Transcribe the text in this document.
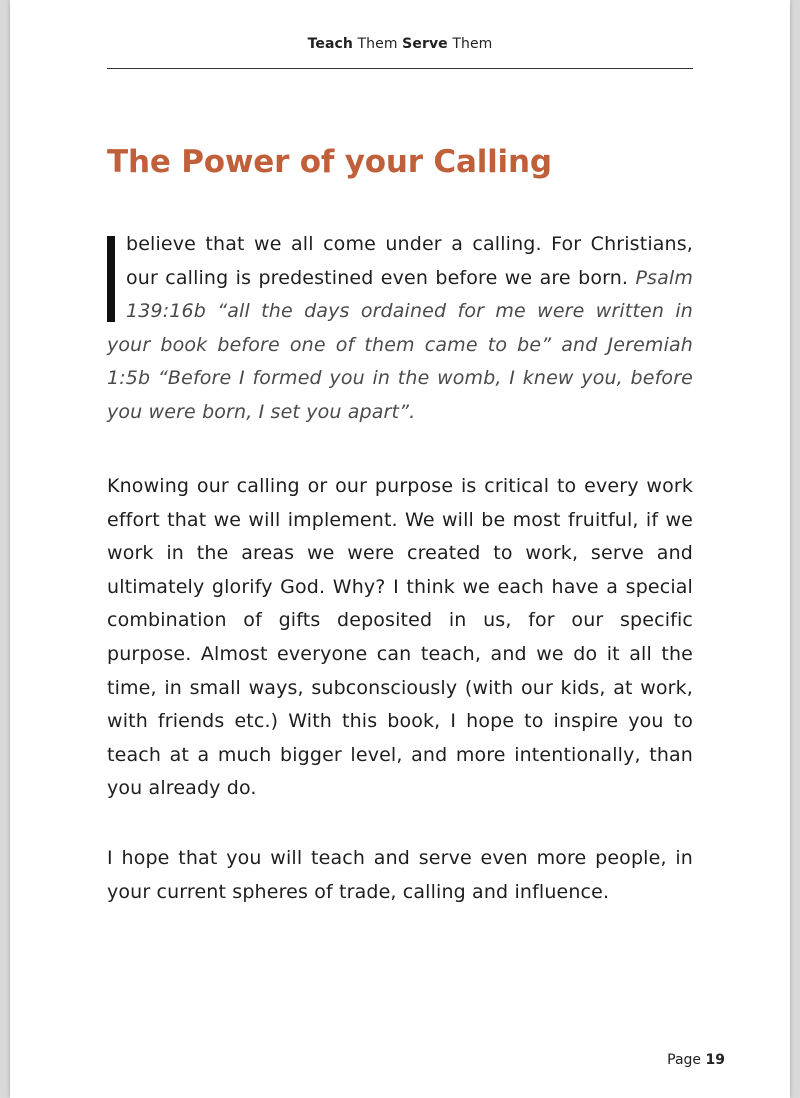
Teach Them Serve Them
The Power of your Calling

believe that we all come under a calling. For Christians, our calling is predestined even before we are born. Psalm 139:16b “all the days ordained for me were written in your book before one of them came to be” and Jeremiah 1:5b “Before I formed you in the womb, I knew you, before you were born, I set you apart”.

Knowing our calling or our purpose is critical to every work effort that we will implement. We will be most fruitful, if we work in the areas we were created to work, serve and ultimately glorify God. Why? I think we each have a special combination of gifts deposited in us, for our specific purpose. Almost everyone can teach, and we do it all the time, in small ways, subconsciously (with our kids, at work, with friends etc.) With this book, I hope to inspire you to teach at a much bigger level, and more intentionally, than you already do.

I hope that you will teach and serve even more people, in your current spheres of trade, calling and influence.

Page 19
